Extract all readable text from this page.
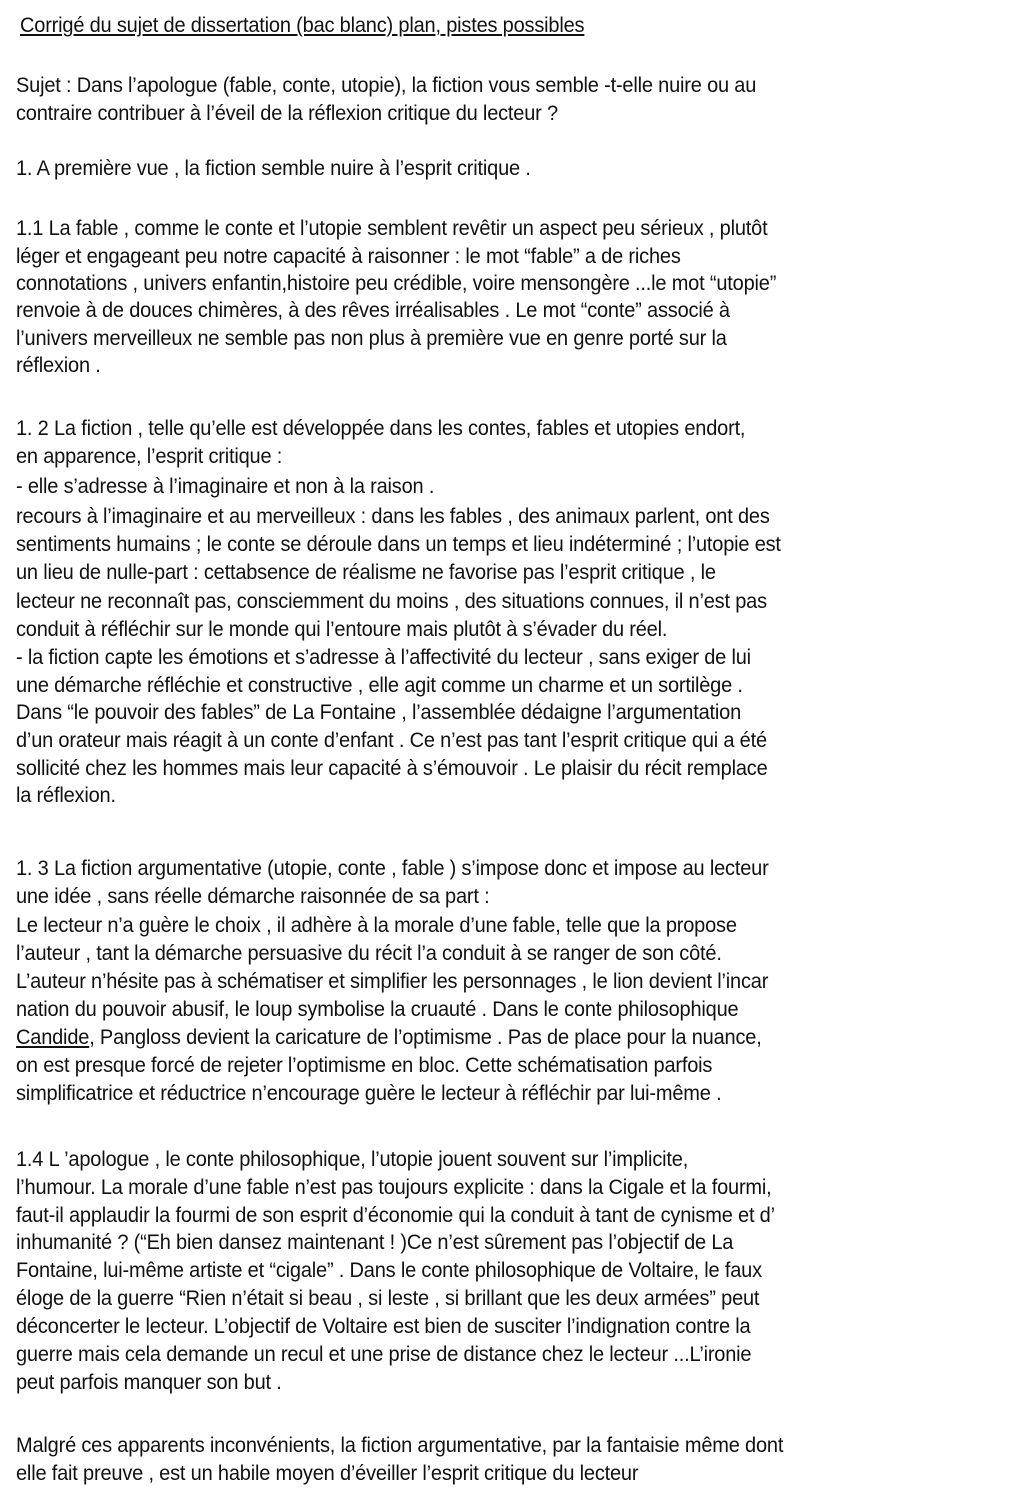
Corrigé du sujet de dissertation (bac blanc) plan, pistes possibles
Sujet : Dans l’apologue (fable, conte, utopie), la fiction vous semble -t-elle nuire ou au
contraire contribuer à l’éveil de la réflexion critique du lecteur ?
1. A première vue , la fiction semble nuire à l’esprit critique .
1.1 La fable , comme le conte et l’utopie semblent revêtir un aspect peu sérieux , plutôt
léger et engageant peu notre capacité à raisonner : le mot “fable” a de riches
connotations , univers enfantin,histoire peu crédible, voire mensongère ...le mot “utopie”
renvoie à de douces chimères, à des rêves irréalisables . Le mot “conte” associé à
l’univers merveilleux ne semble pas non plus à première vue en genre porté sur la
réflexion .
1. 2 La fiction , telle qu’elle est développée dans les contes, fables et utopies endort,
en apparence, l’esprit critique :
- elle s’adresse à l’imaginaire et non à la raison .
recours à l’imaginaire et au merveilleux : dans les fables , des animaux parlent, ont des
sentiments humains ; le conte se déroule dans un temps et lieu indéterminé ; l’utopie est
un lieu de nulle-part : cettabsence de réalisme ne favorise pas l’esprit critique , le
lecteur ne reconnaît pas, consciemment du moins , des situations connues, il n’est pas
conduit à réfléchir sur le monde qui l’entoure mais plutôt à s’évader du réel.
- la fiction capte les émotions et s’adresse à l’affectivité du lecteur , sans exiger de lui
une démarche réfléchie et constructive , elle agit comme un charme et un sortilège .
Dans “le pouvoir des fables” de La Fontaine , l’assemblée dédaigne l’argumentation
d’un orateur mais réagit à un conte d’enfant . Ce n’est pas tant l’esprit critique qui a été
sollicité chez les hommes mais leur capacité à s’émouvoir . Le plaisir du récit remplace
la réflexion.
1. 3 La fiction argumentative (utopie, conte , fable ) s’impose donc et impose au lecteur
une idée , sans réelle démarche raisonnée de sa part :
Le lecteur n’a guère le choix , il adhère à la morale d’une fable, telle que la propose
l’auteur , tant la démarche persuasive du récit l’a conduit à se ranger de son côté.
L’auteur n’hésite pas à schématiser et simplifier les personnages , le lion devient l’incar
nation du pouvoir abusif, le loup symbolise la cruauté . Dans le conte philosophique
Candide, Pangloss devient la caricature de l’optimisme . Pas de place pour la nuance,
on est presque forcé de rejeter l’optimisme en bloc. Cette schématisation parfois
simplificatrice et réductrice n’encourage guère le lecteur à réfléchir par lui-même .
1.4 L ’apologue , le conte philosophique, l’utopie jouent souvent sur l’implicite,
l’humour. La morale d’une fable n’est pas toujours explicite : dans la Cigale et la fourmi,
faut-il applaudir la fourmi de son esprit d’économie qui la conduit à tant de cynisme et d’
inhumanité ? (“Eh bien dansez maintenant ! )Ce n’est sûrement pas l’objectif de La
Fontaine, lui-même artiste et “cigale” . Dans le conte philosophique de Voltaire, le faux
éloge de la guerre “Rien n’était si beau , si leste , si brillant que les deux armées” peut
déconcerter le lecteur. L’objectif de Voltaire est bien de susciter l’indignation contre la
guerre mais cela demande un recul et une prise de distance chez le lecteur ...L’ironie
peut parfois manquer son but .
Malgré ces apparents inconvénients, la fiction argumentative, par la fantaisie même dont
elle fait preuve , est un habile moyen d’éveiller l’esprit critique du lecteur
